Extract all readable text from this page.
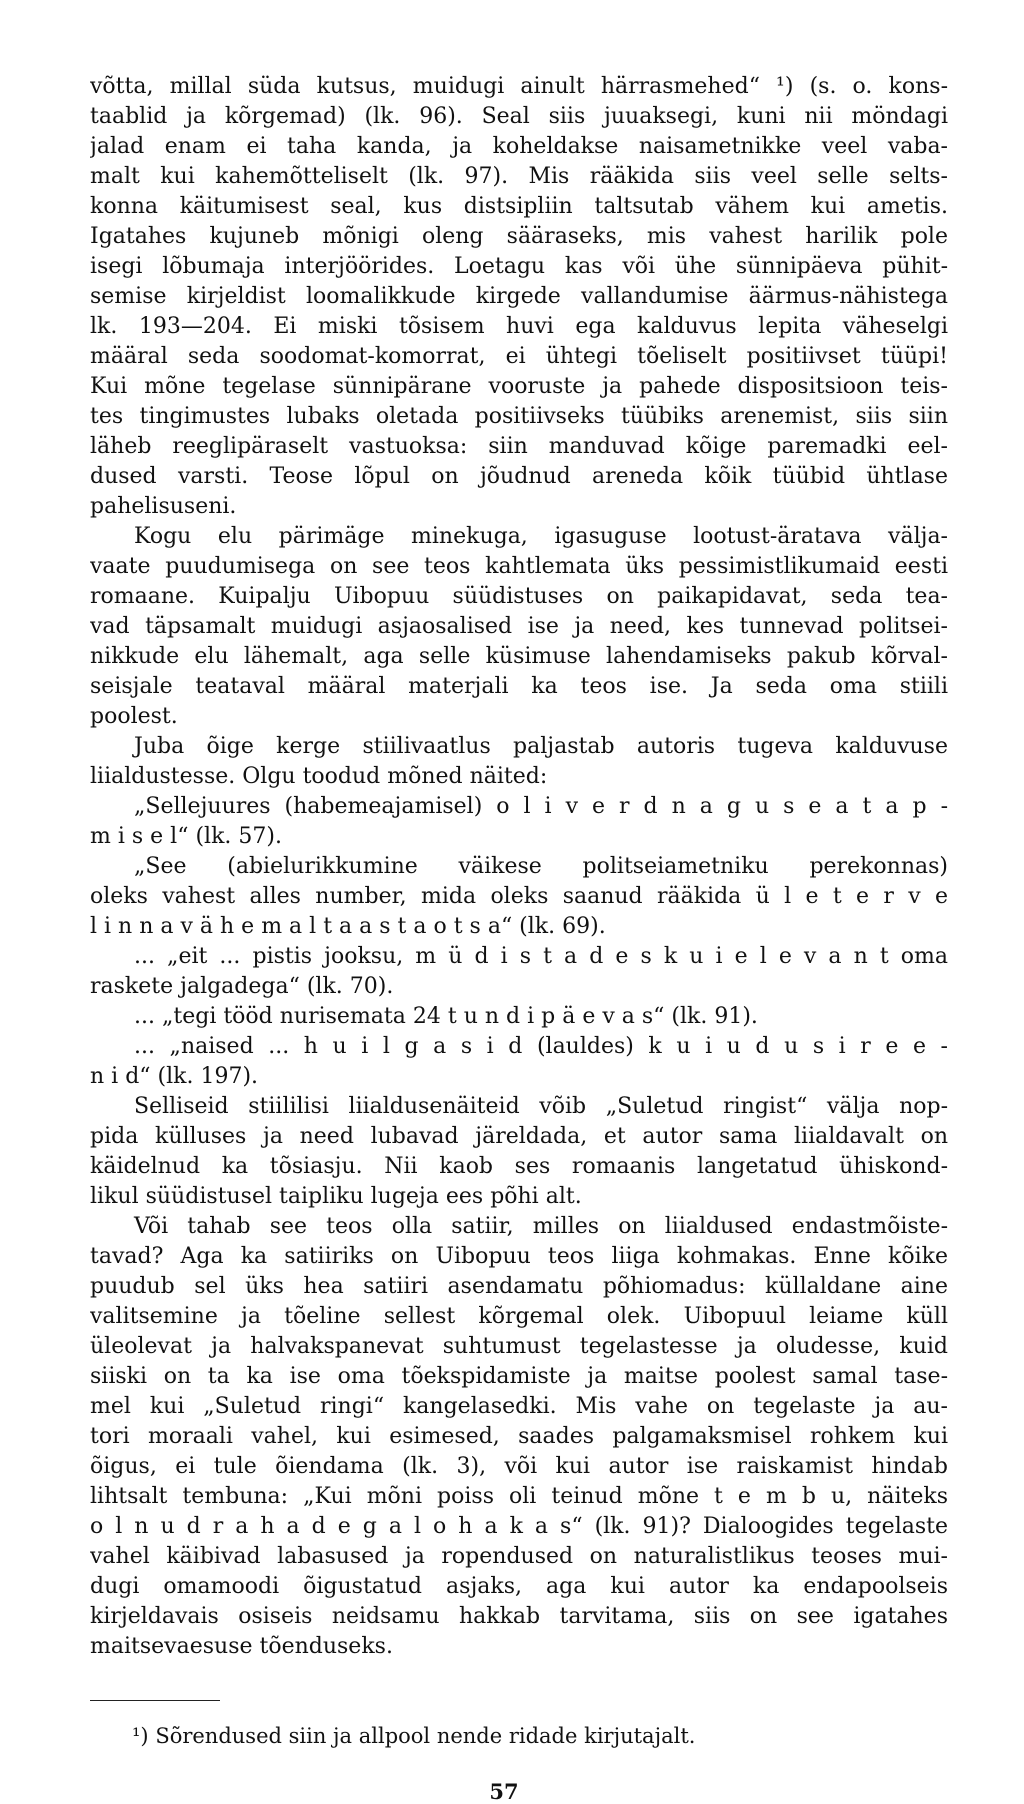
võtta, millal süda kutsus, muidugi ainult härrasmehed“ ¹) (s. o. kons-
taablid ja kõrgemad) (lk. 96). Seal siis juuaksegi, kuni nii möndagi
jalad enam ei taha kanda, ja koheldakse naisametnikke veel vaba-
malt kui kahemõtteliselt (lk. 97). Mis rääkida siis veel selle selts-
konna käitumisest seal, kus distsipliin taltsutab vähem kui ametis.
Igatahes kujuneb mõnigi oleng sääraseks, mis vahest harilik pole
isegi lõbumaja interjöörides. Loetagu kas või ühe sünnipäeva pühit-
semise kirjeldist loomalikkude kirgede vallandumise äärmus-nähistega
lk. 193—204. Ei miski tõsisem huvi ega kalduvus lepita väheselgi
määral seda soodomat-komorrat, ei ühtegi tõeliselt positiivset tüüpi!
Kui mõne tegelase sünnipärane vooruste ja pahede dispositsioon teis-
tes tingimustes lubaks oletada positiivseks tüübiks arenemist, siis siin
läheb reeglipäraselt vastuoksa: siin manduvad kõige paremadki eel-
dused varsti. Teose lõpul on jõudnud areneda kõik tüübid ühtlase
pahelisuseni.
Kogu elu pärimäge minekuga, igasuguse lootust-äratava välja-
vaate puudumisega on see teos kahtlemata üks pessimistlikumaid eesti
romaane. Kuipalju Uibopuu süüdistuses on paikapidavat, seda tea-
vad täpsamalt muidugi asjaosalised ise ja need, kes tunnevad politsei-
nikkude elu lähemalt, aga selle küsimuse lahendamiseks pakub kõrval-
seisjale teataval määral materjali ka teos ise. Ja seda oma stiili
poolest.
Juba õige kerge stiilivaatlus paljastab autoris tugeva kalduvuse
liialdustesse. Olgu toodud mõned näited:
„Sellejuures (habemeajamisel) o l i v e r d n a g u s e a t a p -
m i s e l“ (lk. 57).
„See (abielurikkumine väikese politseiametniku perekonnas)
oleks vahest alles number, mida oleks saanud rääkida ü l e t e r v e
l i n n a v ä h e m a l t a a s t a o t s a“ (lk. 69).
... „eit ... pistis jooksu, m ü d i s t a d e s k u i e l e v a n t oma
raskete jalgadega“ (lk. 70).
... „tegi tööd nurisemata 24 t u n d i p ä e v a s“ (lk. 91).
... „naised ... h u i l g a s i d (lauldes) k u i u d u s i r e e -
n i d“ (lk. 197).
Selliseid stiililisi liialdusenäiteid võib „Suletud ringist“ välja nop-
pida külluses ja need lubavad järeldada, et autor sama liialdavalt on
käidelnud ka tõsiasju. Nii kaob ses romaanis langetatud ühiskond-
likul süüdistusel taipliku lugeja ees põhi alt.
Või tahab see teos olla satiir, milles on liialdused endastmõiste-
tavad? Aga ka satiiriks on Uibopuu teos liiga kohmakas. Enne kõike
puudub sel üks hea satiiri asendamatu põhiomadus: küllaldane aine
valitsemine ja tõeline sellest kõrgemal olek. Uibopuul leiame küll
üleolevat ja halvakspanevat suhtumust tegelastesse ja oludesse, kuid
siiski on ta ka ise oma tõekspidamiste ja maitse poolest samal tase-
mel kui „Suletud ringi“ kangelasedki. Mis vahe on tegelaste ja au-
tori moraali vahel, kui esimesed, saades palgamaksmisel rohkem kui
õigus, ei tule õiendama (lk. 3), või kui autor ise raiskamist hindab
lihtsalt tembuna: „Kui mõni poiss oli teinud mõne t e m b u, näiteks
o l n u d r a h a d e g a l o h a k a s“ (lk. 91)? Dialoogides tegelaste
vahel käibivad labasused ja ropendused on naturalistlikus teoses mui-
dugi omamoodi õigustatud asjaks, aga kui autor ka endapoolseis
kirjeldavais osiseis neidsamu hakkab tarvitama, siis on see igatahes
maitsevaesuse tõenduseks.
¹) Sõrendused siin ja allpool nende ridade kirjutajalt.
57
